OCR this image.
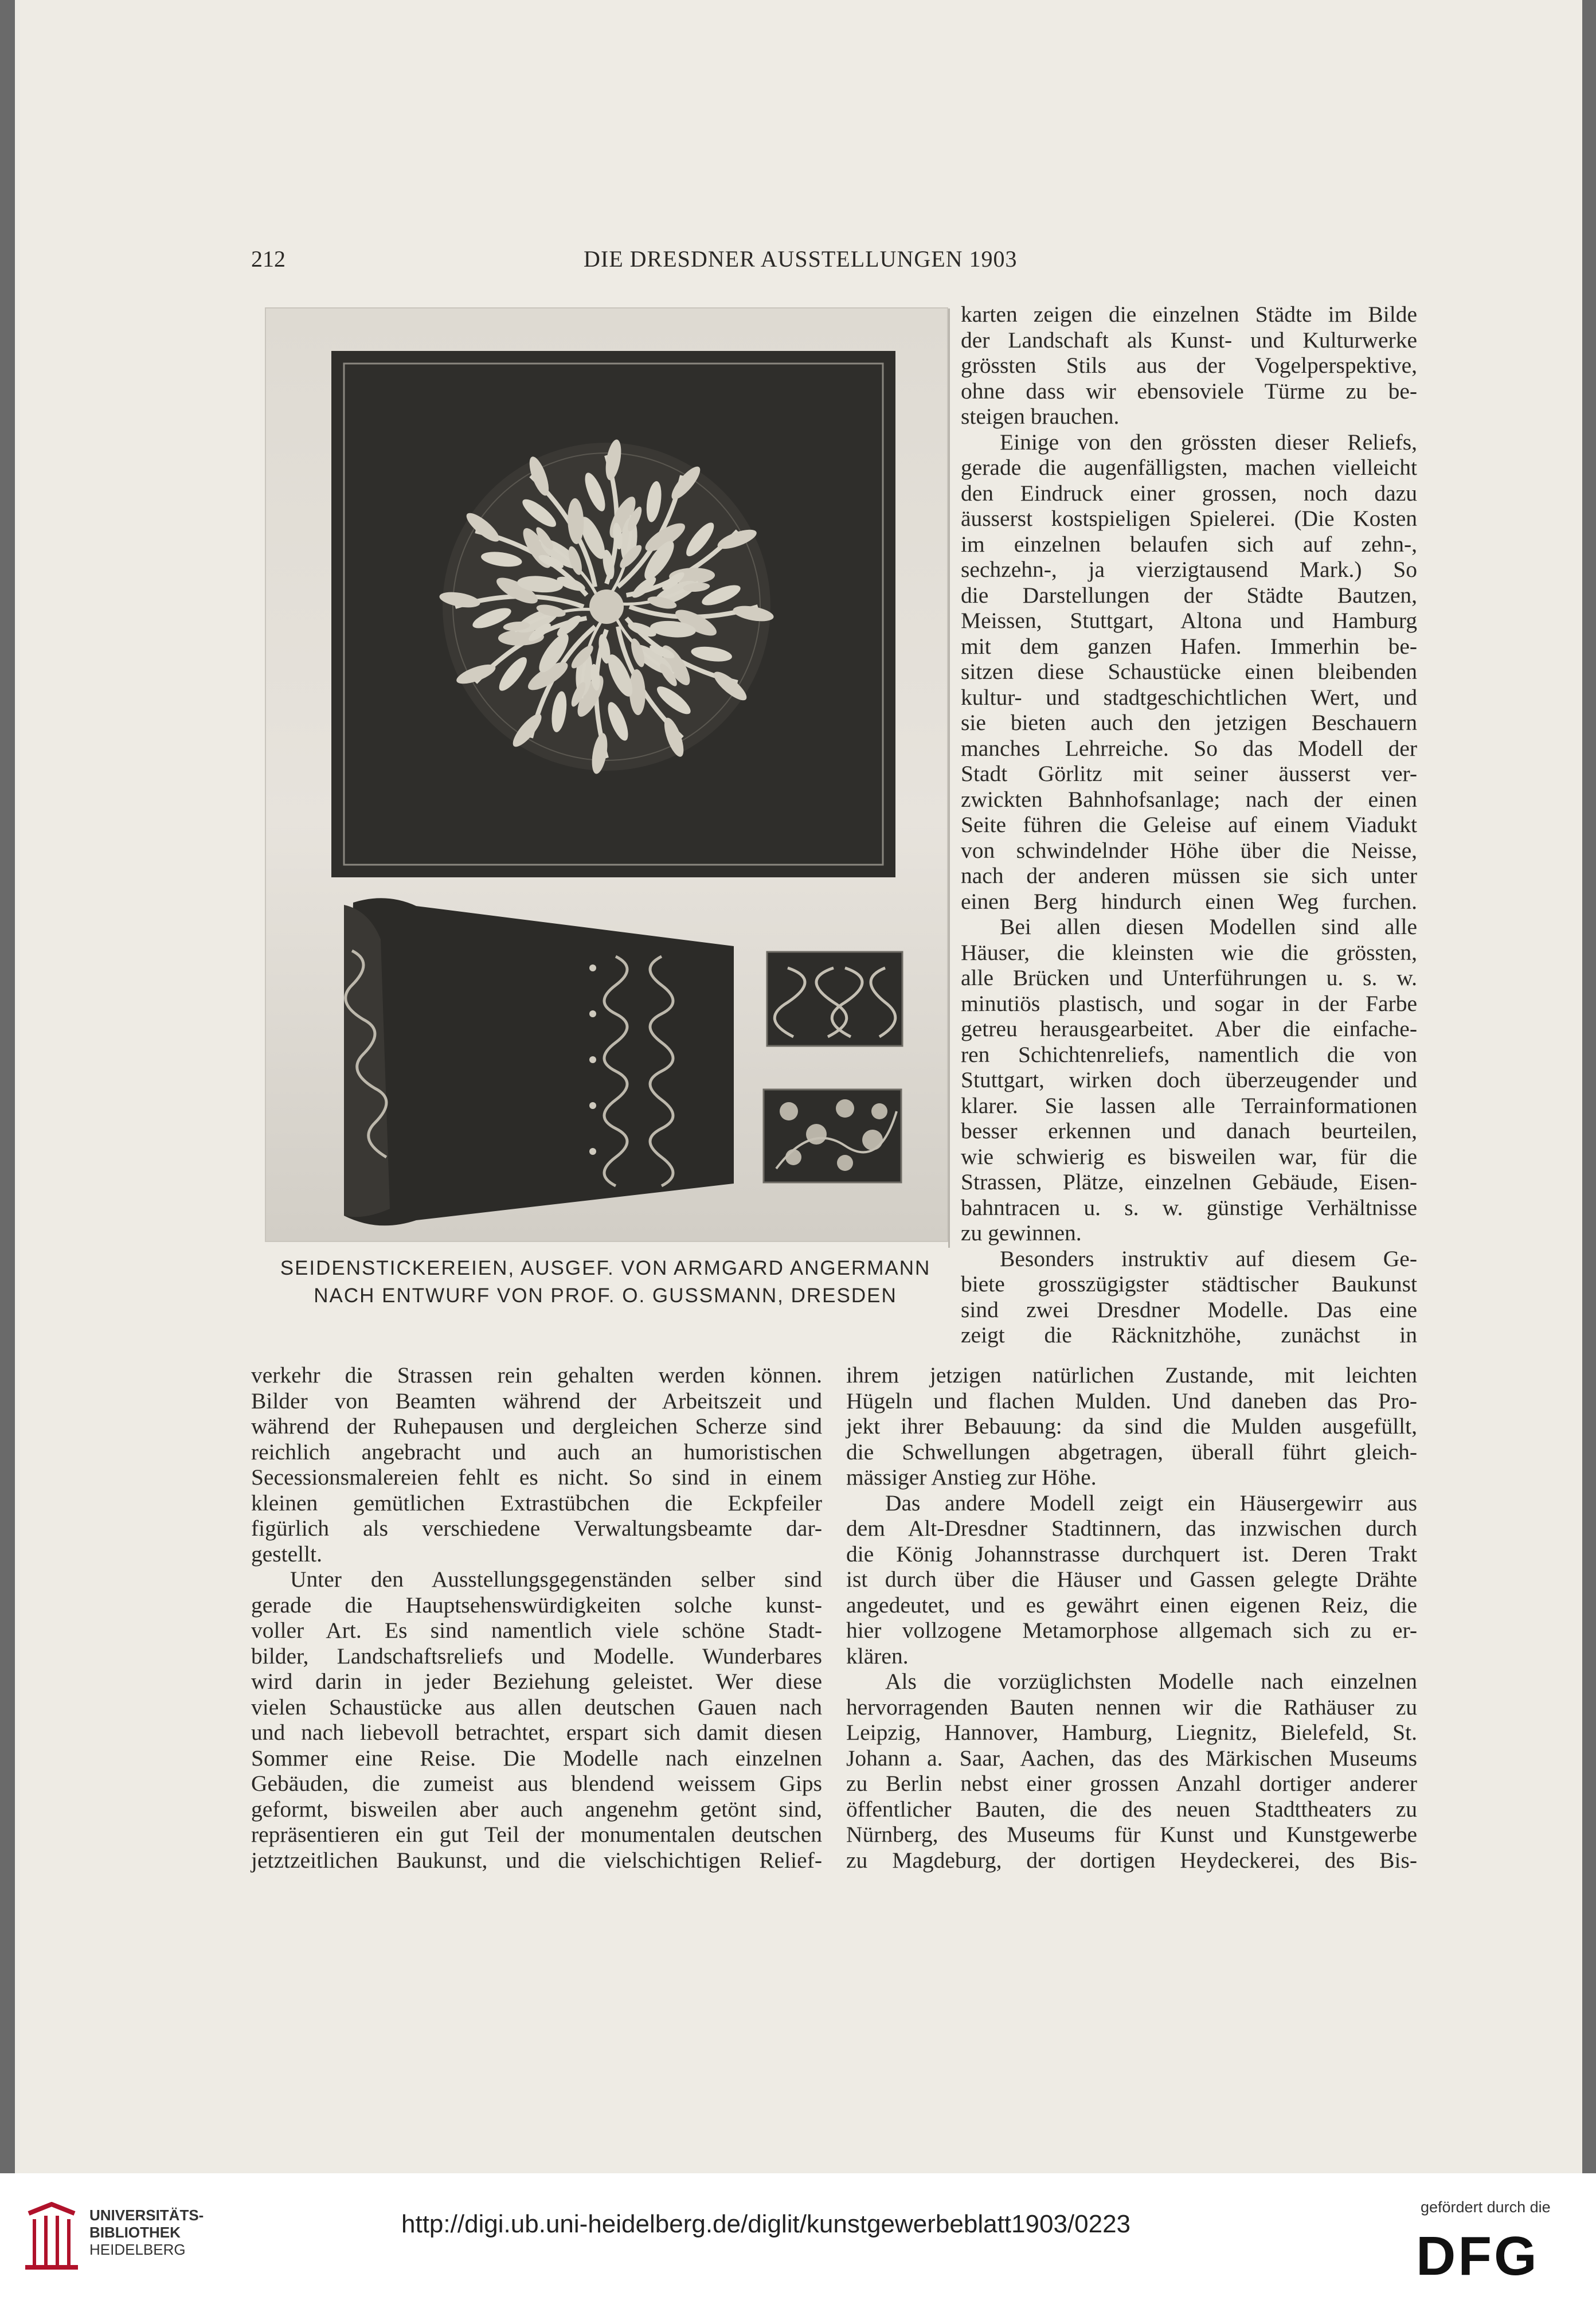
212	DIE DRESDNER AUSSTELLUNGEN 1903
SEIDENSTICKEREIEN, AUSGEF. VON ARMGARD ANGERMANN
NACH ENTWURF VON PROF. O. GUSSMANN, DRESDEN
karten zeigen die einzelnen Städte im Bilde
der Landschaft als Kunst- und Kulturwerke
grössten Stils aus der Vogelperspektive,
ohne dass wir ebensoviele Türme zu be-
steigen brauchen.
Einige von den grössten dieser Reliefs,
gerade die augenfälligsten, machen vielleicht
den Eindruck einer grossen, noch dazu
äusserst kostspieligen Spielerei. (Die Kosten
im einzelnen belaufen sich auf zehn-,
sechzehn-, ja vierzigtausend Mark.) So
die Darstellungen der Städte Bautzen,
Meissen, Stuttgart, Altona und Hamburg
mit dem ganzen Hafen. Immerhin be-
sitzen diese Schaustücke einen bleibenden
kultur- und stadtgeschichtlichen Wert, und
sie bieten auch den jetzigen Beschauern
manches Lehrreiche. So das Modell der
Stadt Görlitz mit seiner äusserst ver-
zwickten Bahnhofsanlage; nach der einen
Seite führen die Geleise auf einem Viadukt
von schwindelnder Höhe über die Neisse,
nach der anderen müssen sie sich unter
einen Berg hindurch einen Weg furchen.
Bei allen diesen Modellen sind alle
Häuser, die kleinsten wie die grössten,
alle Brücken und Unterführungen u. s. w.
minutiös plastisch, und sogar in der Farbe
getreu herausgearbeitet. Aber die einfache-
ren Schichtenreliefs, namentlich die von
Stuttgart, wirken doch überzeugender und
klarer. Sie lassen alle Terrainformationen
besser erkennen und danach beurteilen,
wie schwierig es bisweilen war, für die
Strassen, Plätze, einzelnen Gebäude, Eisen-
bahntracen u. s. w. günstige Verhältnisse
zu gewinnen.
Besonders instruktiv auf diesem Ge-
biete grosszügigster städtischer Baukunst
sind zwei Dresdner Modelle. Das eine
zeigt die Räcknitzhöhe, zunächst in
verkehr die Strassen rein gehalten werden können.
Bilder von Beamten während der Arbeitszeit und
während der Ruhepausen und dergleichen Scherze sind
reichlich angebracht und auch an humoristischen
Secessionsmalereien fehlt es nicht. So sind in einem
kleinen gemütlichen Extrastübchen die Eckpfeiler
figürlich als verschiedene Verwaltungsbeamte dar-
gestellt.
Unter den Ausstellungsgegenständen selber sind
gerade die Hauptsehenswürdigkeiten solche kunst-
voller Art. Es sind namentlich viele schöne Stadt-
bilder, Landschaftsreliefs und Modelle. Wunderbares
wird darin in jeder Beziehung geleistet. Wer diese
vielen Schaustücke aus allen deutschen Gauen nach
und nach liebevoll betrachtet, erspart sich damit diesen
Sommer eine Reise. Die Modelle nach einzelnen
Gebäuden, die zumeist aus blendend weissem Gips
geformt, bisweilen aber auch angenehm getönt sind,
repräsentieren ein gut Teil der monumentalen deutschen
jetztzeitlichen Baukunst, und die vielschichtigen Relief-
ihrem jetzigen natürlichen Zustande, mit leichten
Hügeln und flachen Mulden. Und daneben das Pro-
jekt ihrer Bebauung: da sind die Mulden ausgefüllt,
die Schwellungen abgetragen, überall führt gleich-
mässiger Anstieg zur Höhe.
Das andere Modell zeigt ein Häusergewirr aus
dem Alt-Dresdner Stadtinnern, das inzwischen durch
die König Johannstrasse durchquert ist. Deren Trakt
ist durch über die Häuser und Gassen gelegte Drähte
angedeutet, und es gewährt einen eigenen Reiz, die
hier vollzogene Metamorphose allgemach sich zu er-
klären.
Als die vorzüglichsten Modelle nach einzelnen
hervorragenden Bauten nennen wir die Rathäuser zu
Leipzig, Hannover, Hamburg, Liegnitz, Bielefeld, St.
Johann a. Saar, Aachen, das des Märkischen Museums
zu Berlin nebst einer grossen Anzahl dortiger anderer
öffentlicher Bauten, die des neuen Stadttheaters zu
Nürnberg, des Museums für Kunst und Kunstgewerbe
zu Magdeburg, der dortigen Heydeckerei, des Bis-
UNIVERSITÄTS-
BIBLIOTHEK
HEIDELBERG
http://digi.ub.uni-heidelberg.de/diglit/kunstgewerbeblatt1903/0223
gefördert durch die
DFG
